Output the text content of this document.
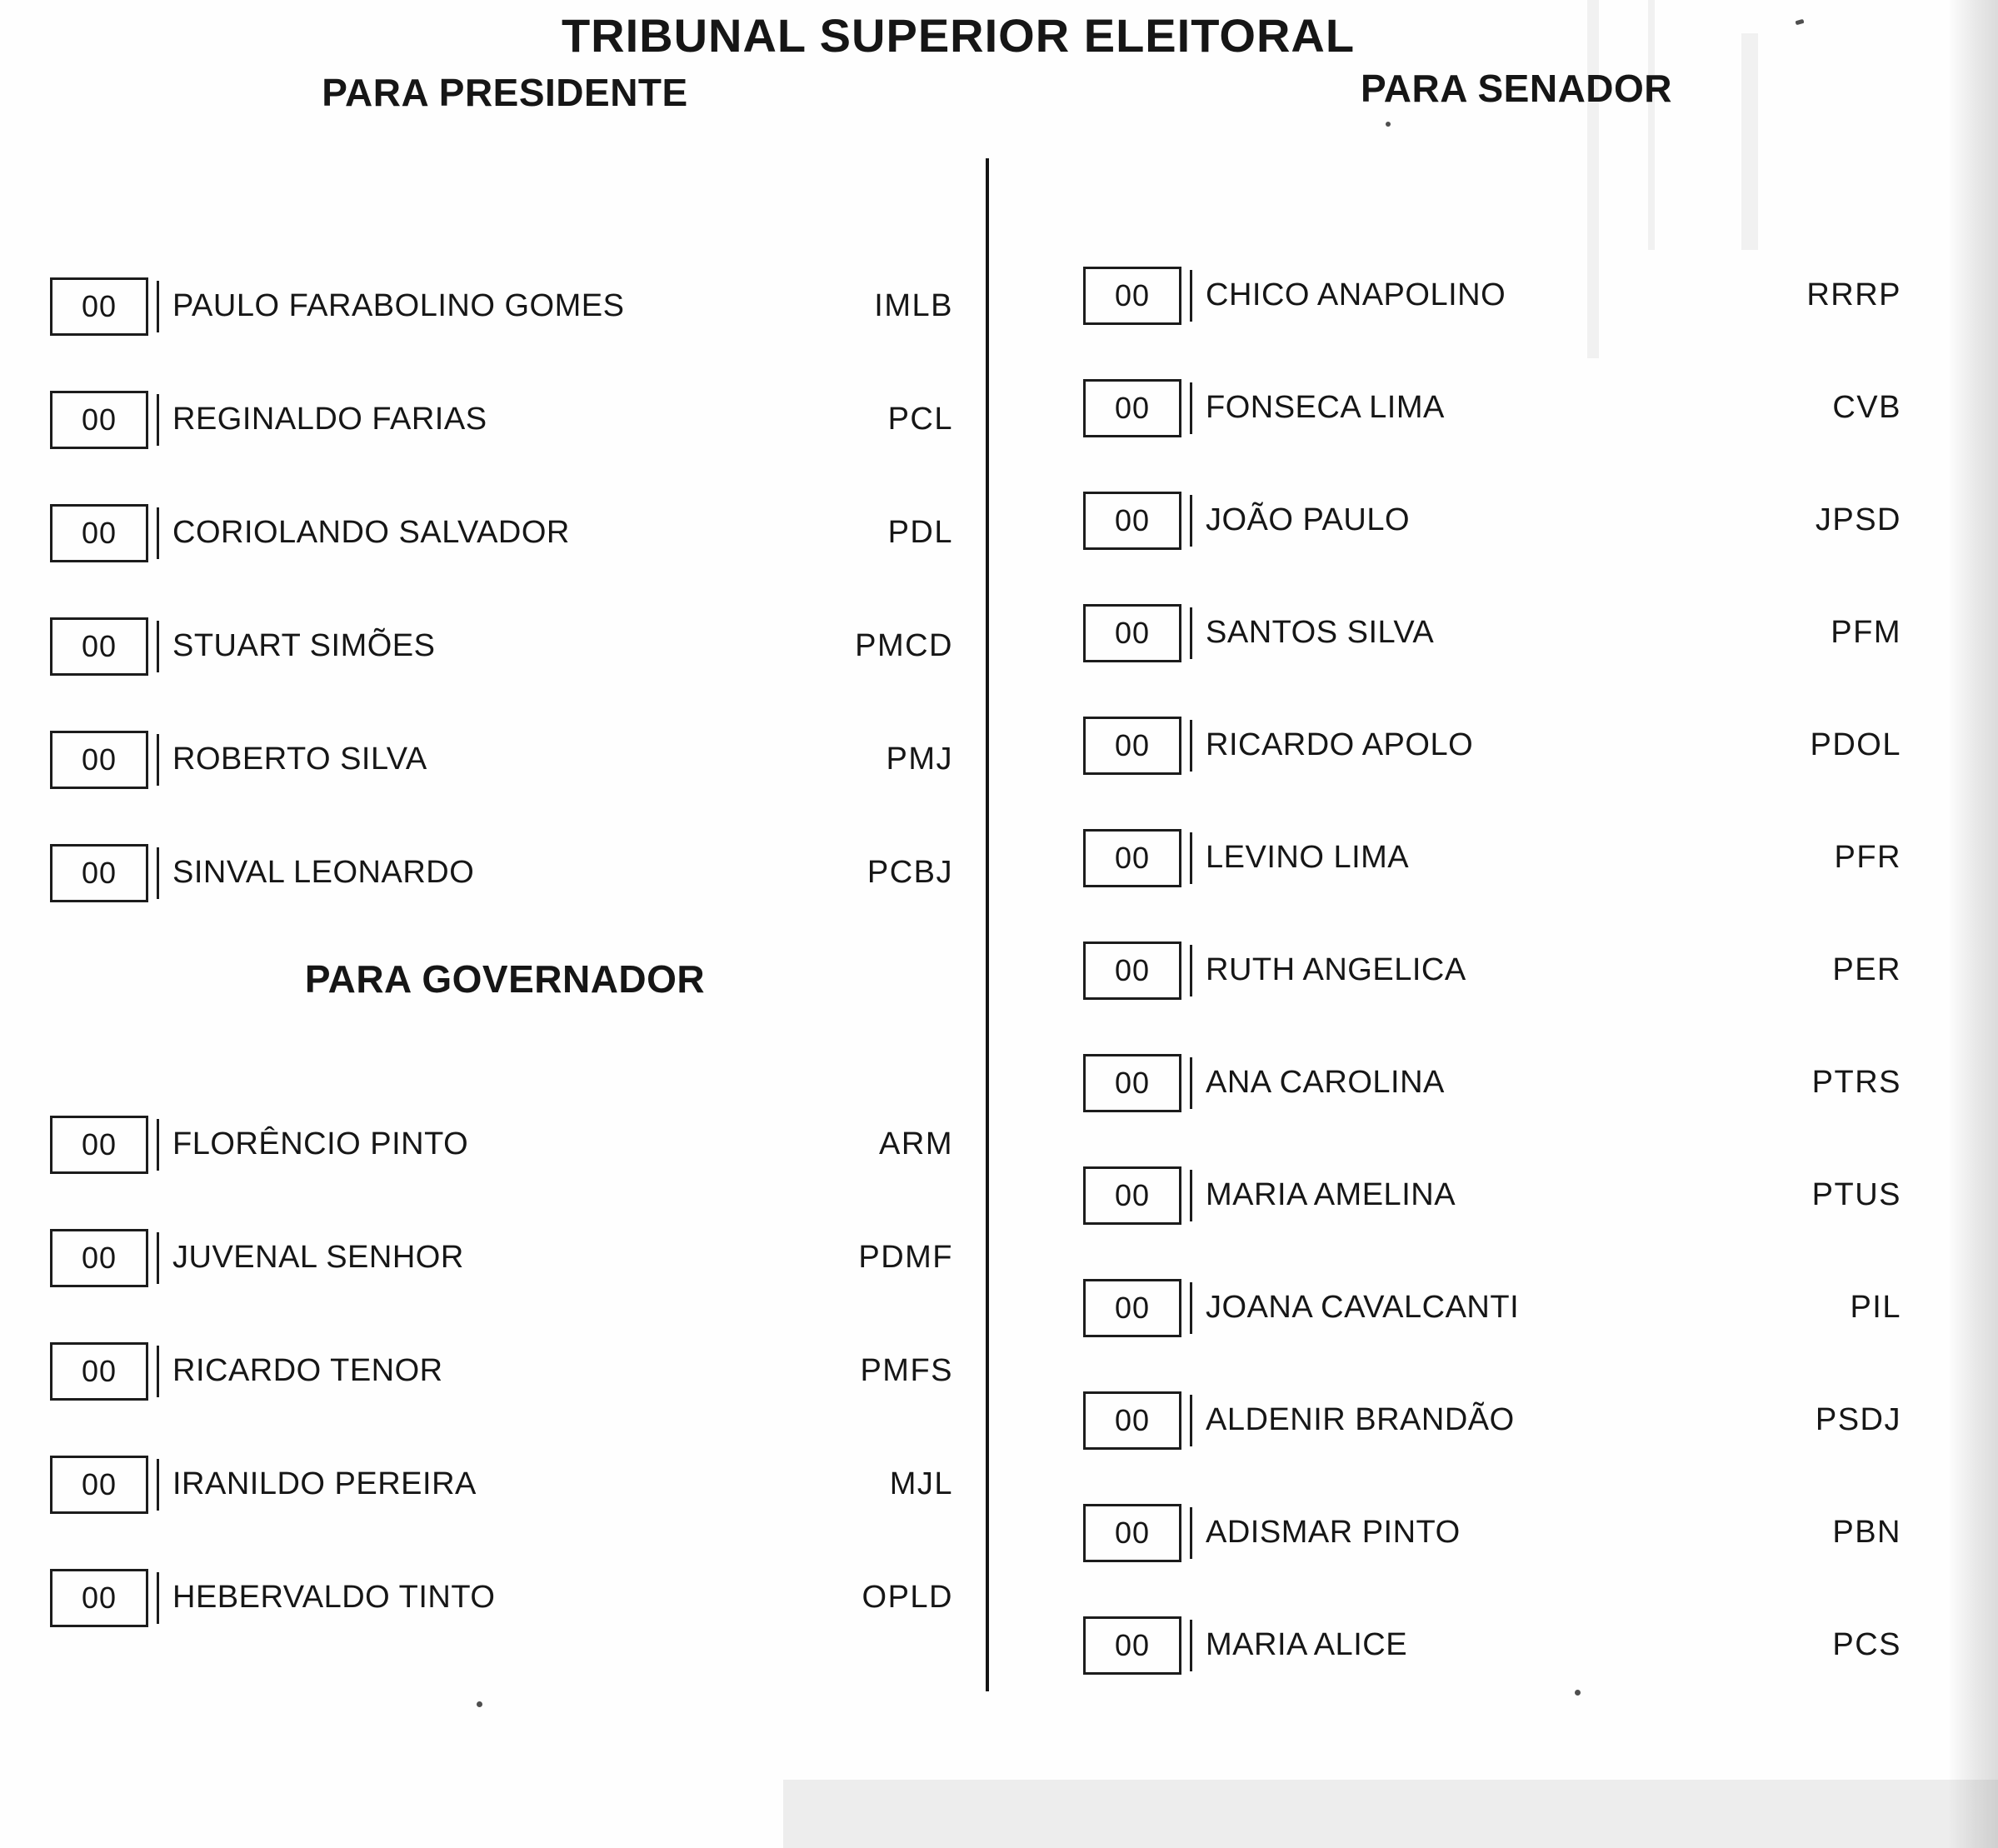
TRIBUNAL SUPERIOR ELEITORAL
PARA PRESIDENTE
00	PAULO FARABOLINO GOMES	IMLB
00	REGINALDO FARIAS	PCL
00	CORIOLANDO SALVADOR	PDL
00	STUART SIMÕES	PMCD
00	ROBERTO SILVA	PMJ
00	SINVAL LEONARDO	PCBJ
PARA GOVERNADOR
00	FLORÊNCIO PINTO	ARM
00	JUVENAL SENHOR	PDMF
00	RICARDO TENOR	PMFS
00	IRANILDO PEREIRA	MJL
00	HEBERVALDO TINTO	OPLD
PARA SENADOR
00	CHICO ANAPOLINO	RRRP
00	FONSECA LIMA	CVB
00	JOÃO PAULO	JPSD
00	SANTOS SILVA	PFM
00	RICARDO APOLO	PDOL
00	LEVINO LIMA	PFR
00	RUTH ANGELICA	PER
00	ANA CAROLINA	PTRS
00	MARIA AMELINA	PTUS
00	JOANA CAVALCANTI	PIL
00	ALDENIR BRANDÃO	PSDJ
00	ADISMAR PINTO	PBN
00	MARIA ALICE	PCS
